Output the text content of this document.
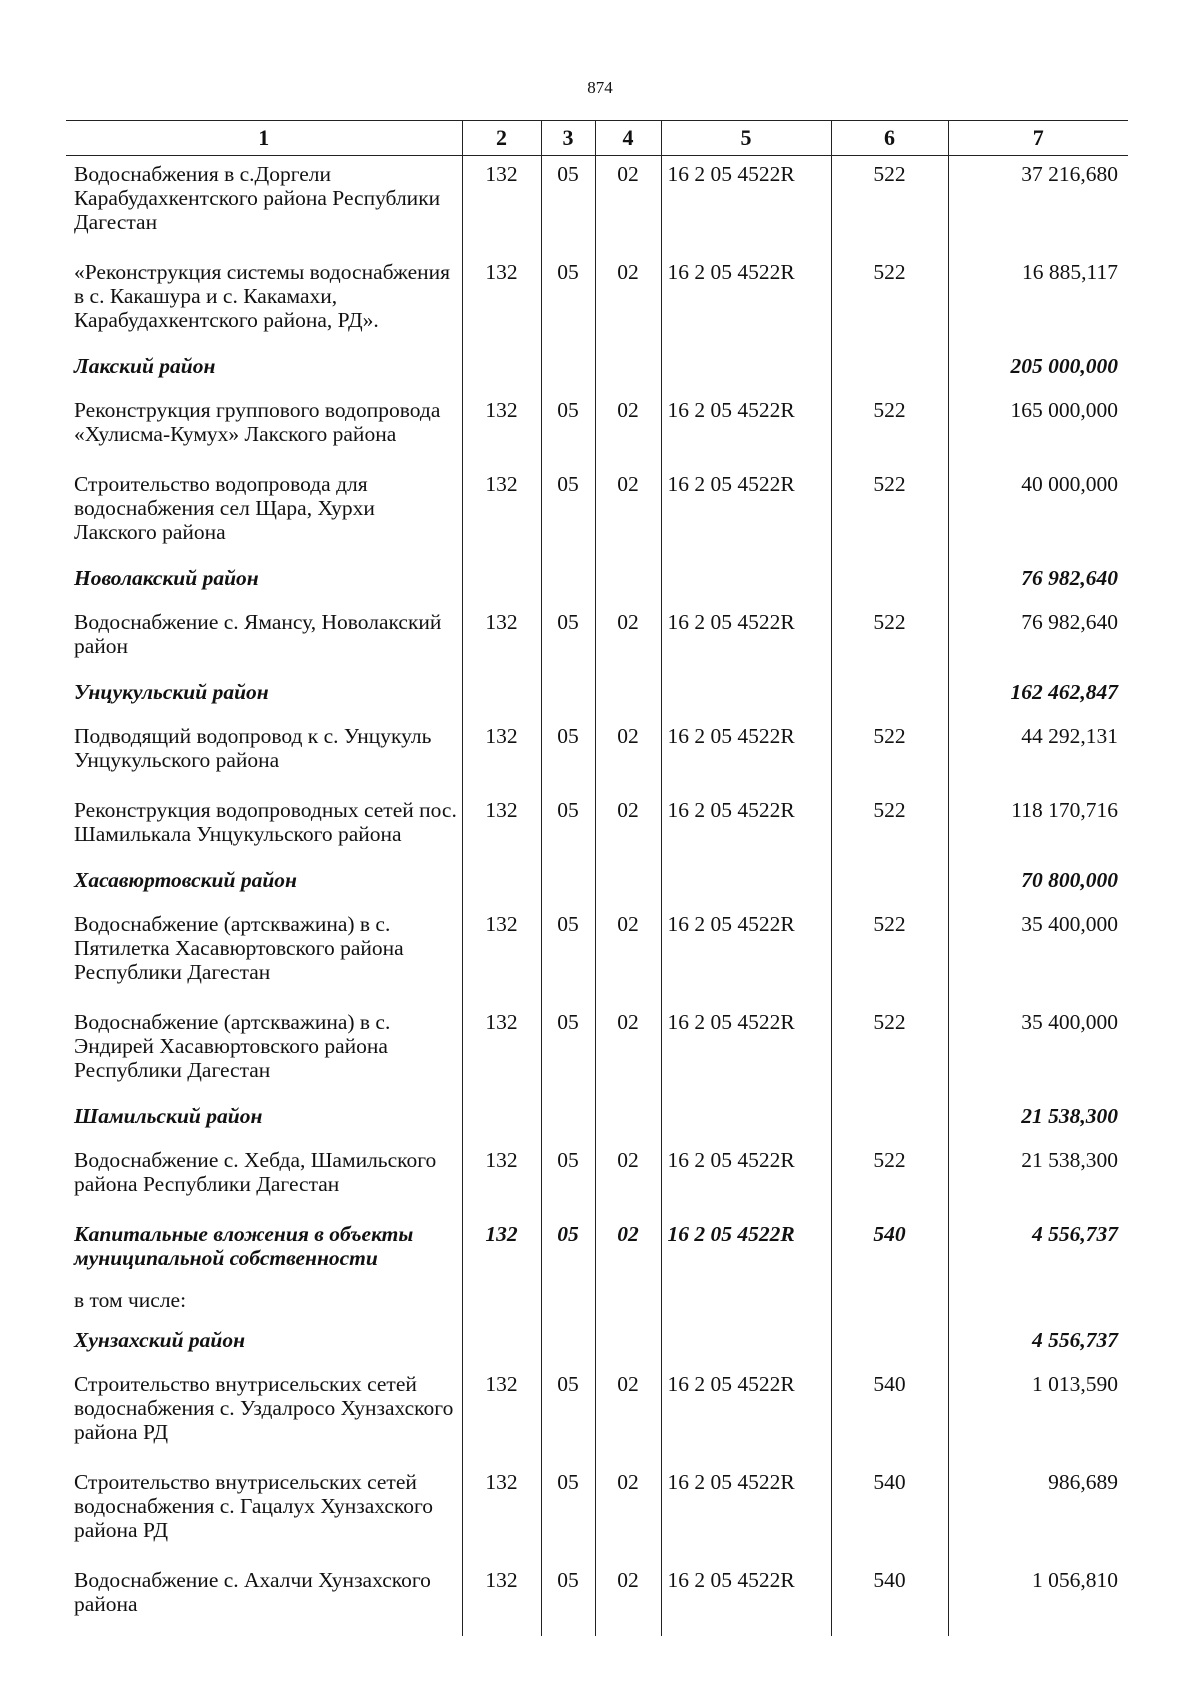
874
1	2	3	4	5	6	7
Водоснабжения в с.Доргели Карабудахкентского района Республики Дагестан	132	05	02	16 2 05 4522R	522	37 216,680
«Реконструкция системы водоснабжения в с. Какашура и с. Какамахи, Карабудахкентского района, РД».	132	05	02	16 2 05 4522R	522	16 885,117
Лакский район						205 000,000
Реконструкция группового водопровода «Хулисма-Кумух» Лакского района	132	05	02	16 2 05 4522R	522	165 000,000
Строительство водопровода для водоснабжения сел Щара, Хурхи Лакского района	132	05	02	16 2 05 4522R	522	40 000,000
Новолакский район						76 982,640
Водоснабжение с. Ямансу, Новолакский район	132	05	02	16 2 05 4522R	522	76 982,640
Унцукульский район						162 462,847
Подводящий водопровод к с. Унцукуль Унцукульского района	132	05	02	16 2 05 4522R	522	44 292,131
Реконструкция водопроводных сетей пос. Шамилькала Унцукульского района	132	05	02	16 2 05 4522R	522	118 170,716
Хасавюртовский район						70 800,000
Водоснабжение (артскважина) в с. Пятилетка Хасавюртовского района Республики Дагестан	132	05	02	16 2 05 4522R	522	35 400,000
Водоснабжение (артскважина) в с. Эндирей Хасавюртовского района Республики Дагестан	132	05	02	16 2 05 4522R	522	35 400,000
Шамильский район						21 538,300
Водоснабжение с. Хебда, Шамильского района Республики Дагестан	132	05	02	16 2 05 4522R	522	21 538,300
Капитальные вложения в объекты муниципальной собственности	132	05	02	16 2 05 4522R	540	4 556,737
в том числе:						
Хунзахский район						4 556,737
Строительство внутрисельских сетей водоснабжения с. Уздалросо Хунзахского района РД	132	05	02	16 2 05 4522R	540	1 013,590
Строительство внутрисельских сетей водоснабжения с. Гацалух Хунзахского района РД	132	05	02	16 2 05 4522R	540	986,689
Водоснабжение с. Ахалчи Хунзахского района	132	05	02	16 2 05 4522R	540	1 056,810
